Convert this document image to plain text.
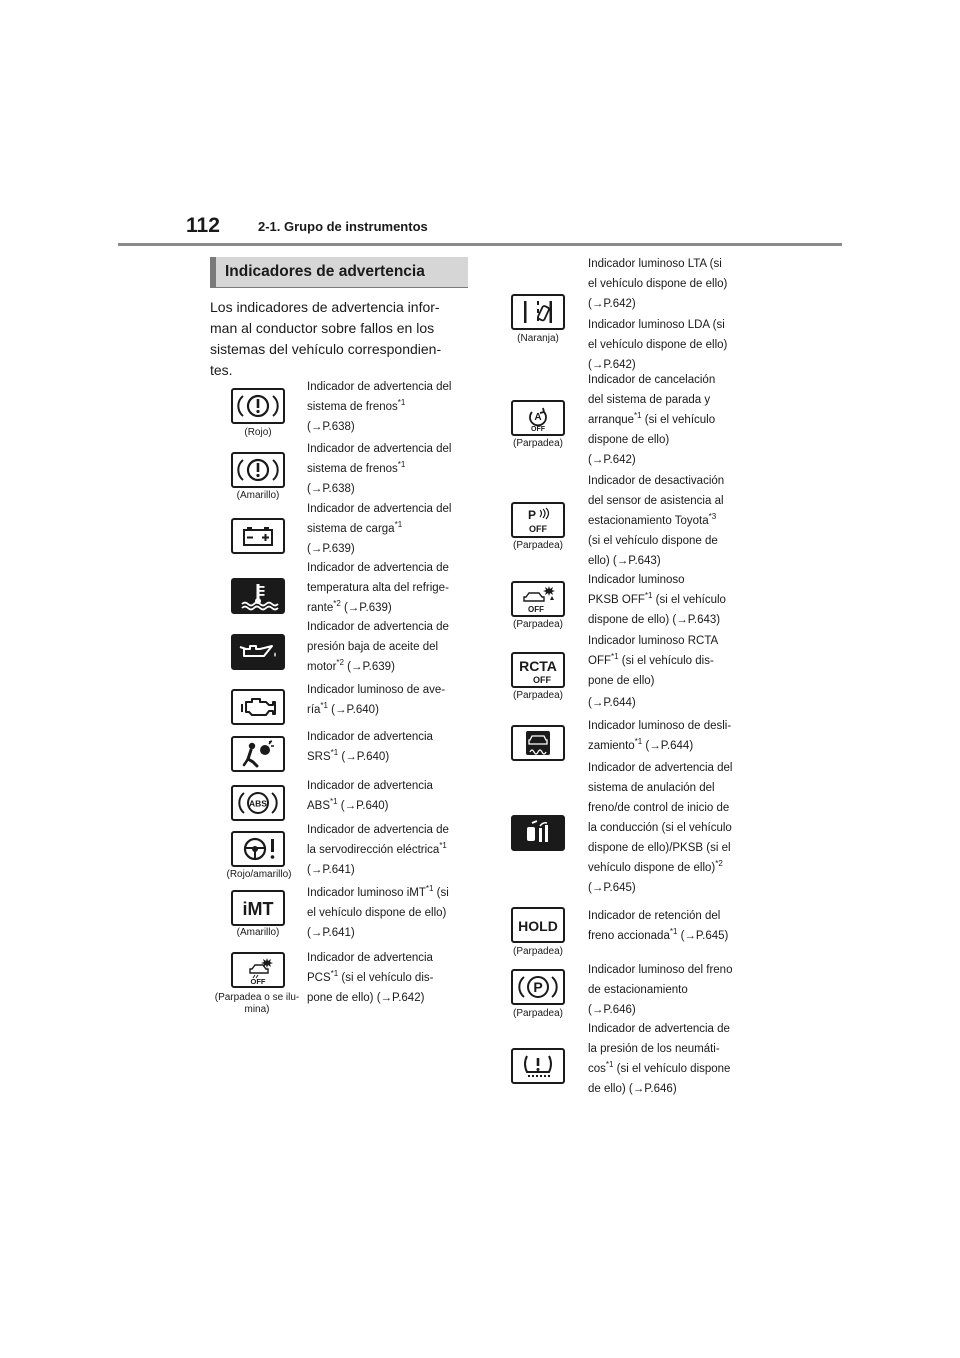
112	2-1. Grupo de instrumentos
Indicadores de advertencia
Los indicadores de advertencia infor-man al conductor sobre fallos en los sistemas del vehículo correspondien-tes.
(Rojo)
Indicador de advertencia del
sistema de frenos$^{*1}$
(→P.638)
(Amarillo)
Indicador de advertencia del
sistema de frenos$^{*1}$
(→P.638)
Indicador de advertencia del
sistema de carga$^{*1}$
(→P.639)
Indicador de advertencia de
temperatura alta del refrige-
rante$^{*2}$ (→P.639)
Indicador de advertencia de
presión baja de aceite del
motor$^{*2}$ (→P.639)
Indicador luminoso de ave-
ría$^{*1}$ (→P.640)
Indicador de advertencia
SRS$^{*1}$ (→P.640)
ABS
Indicador de advertencia
ABS$^{*1}$ (→P.640)
(Rojo/amarillo)
Indicador de advertencia de
la servodirección eléctrica$^{*1}$
(→P.641)
iMT
(Amarillo)
Indicador luminoso iMT$^{*1}$ (si
el vehículo dispone de ello)
(→P.641)
OFF
(Parpadea o se ilu-
mina)
Indicador de advertencia
PCS$^{*1}$ (si el vehículo dis-
pone de ello) (→P.642)
(Naranja)
Indicador luminoso LTA (si
el vehículo dispone de ello)
(→P.642)
Indicador luminoso LDA (si
el vehículo dispone de ello)
(→P.642)
A
OFF
(Parpadea)
Indicador de cancelación
del sistema de parada y
arranque$^{*1}$ (si el vehículo
dispone de ello)
(→P.642)
P
OFF
(Parpadea)
Indicador de desactivación
del sensor de asistencia al
estacionamiento Toyota$^{*3}$
(si el vehículo dispone de
ello) (→P.643)
OFF
(Parpadea)
Indicador luminoso
PKSB OFF$^{*1}$ (si el vehículo
dispone de ello) (→P.643)
RCTA
OFF
(Parpadea)
Indicador luminoso RCTA
OFF$^{*1}$ (si el vehículo dis-
pone de ello)
(→P.644)
Indicador luminoso de desli-
zamiento$^{*1}$ (→P.644)
Indicador de advertencia del
sistema de anulación del
freno/de control de inicio de
la conducción (si el vehículo
dispone de ello)/PKSB (si el
vehículo dispone de ello)$^{*2}$
(→P.645)
HOLD
(Parpadea)
Indicador de retención del
freno accionada$^{*1}$ (→P.645)
P
(Parpadea)
Indicador luminoso del freno
de estacionamiento
(→P.646)
Indicador de advertencia de
la presión de los neumáti-
$\cos^{*1} (si$ el vehículo dispone
de ello) (→P.646)
